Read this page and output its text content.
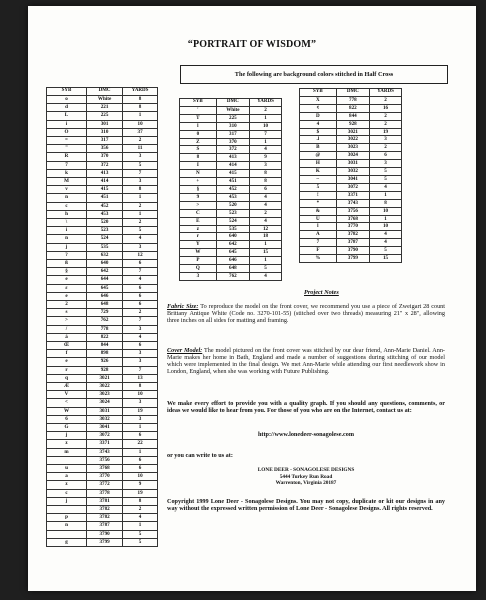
“PORTRAIT OF WISDOM”
The following are background colors stitched in Half Cross
SYB	DMC	YARDS
o	White	8
d	221	8
L	225	1
i	301	10
O	310	37
=	317	2
"	356	11
R	370	3
7	372	5
k	413	7
M	414	3
v	415	8
n	451	1
c	452	2
h	453	1
\	520	2
i	523	5
n	524	4
j	535	3
?	632	12
ß	640	6
§	642	7
e	644	4
ε	645	6
e	646	6
2	648	6
s	729	2
>	762	7
/	778	3
á	822	4
Œ	844	6
f	898	3
e	926	3
r	928	7
q	3021	13
Æ	3022	8
V	3023	10
<	3024	3
W	3031	19
6	3032	3
G	3041	1
j	3072	6
z	3371	22
m	3743	1
	3756	6
u	3768	6
a	3770	10
z	3772	9
c	3778	19
j	3781	8
	3782	2
p	3782	4
n	3787	1
	3790	5
g	3799	5
SYB	DMC	YARDS
'	White	2
T	225	1
l	310	10
0	317	7
Z	370	1
S	372	4
8	413	9
I	414	3
N	415	8
+	451	8
§	452	6
9	453	4
>	520	4
C	523	2
E	524	4
z	535	12
r	640	18
Y	642	1
W	645	15
P	646	1
Q	648	5
3	762	4
SYB	DMC	YARDS
X	778	2
¢	822	16
D	844	2
4	928	2
$	3021	19
.l	3022	3
B	3023	2
@	3024	6
H	3031	3
K	3032	5
~	3041	5
5	3072	4
!	3371	1
*	3743	8
&	3756	10
U	3768	1
l	3770	10
A	3782	4
7	3787	4
F	3790	5
%	3799	15
Project Notes
Fabric Size: To reproduce the model on the front cover, we recommend you use a piece of Zweigart 28 count Brittany Antique White (Code no. 3270-101-55) (stitched over two threads) measuring 21" x 28", allowing three inches on all sides for matting and framing.
Cover Model: The model pictured on the front cover was stitched by our dear friend, Ann-Marie Daniel. Ann-Marie makes her home in Bath, England and made a number of suggestions during stitching of our model which were implemented in the final design. We met Ann-Marie while attending our first needlework show in London, England, when she was working with Future Publishing.
We make every effort to provide you with a quality graph. If you should any questions, comments, or ideas we would like to hear from you. For those of you who are on the Internet, contact us at:
http://www.lonedeer-sonagolese.com
or you can write to us at:
LONE DEER - SONAGOLESE DESIGNS
5444 Turkey Run Road
Warrenton, Virginia 20187
Copyright 1999 Lone Deer - Sonagolese Designs. You may not copy, duplicate or kit our designs in any way without the expressed written permission of Lone Deer - Sonagolese Designs. All rights reserved.
